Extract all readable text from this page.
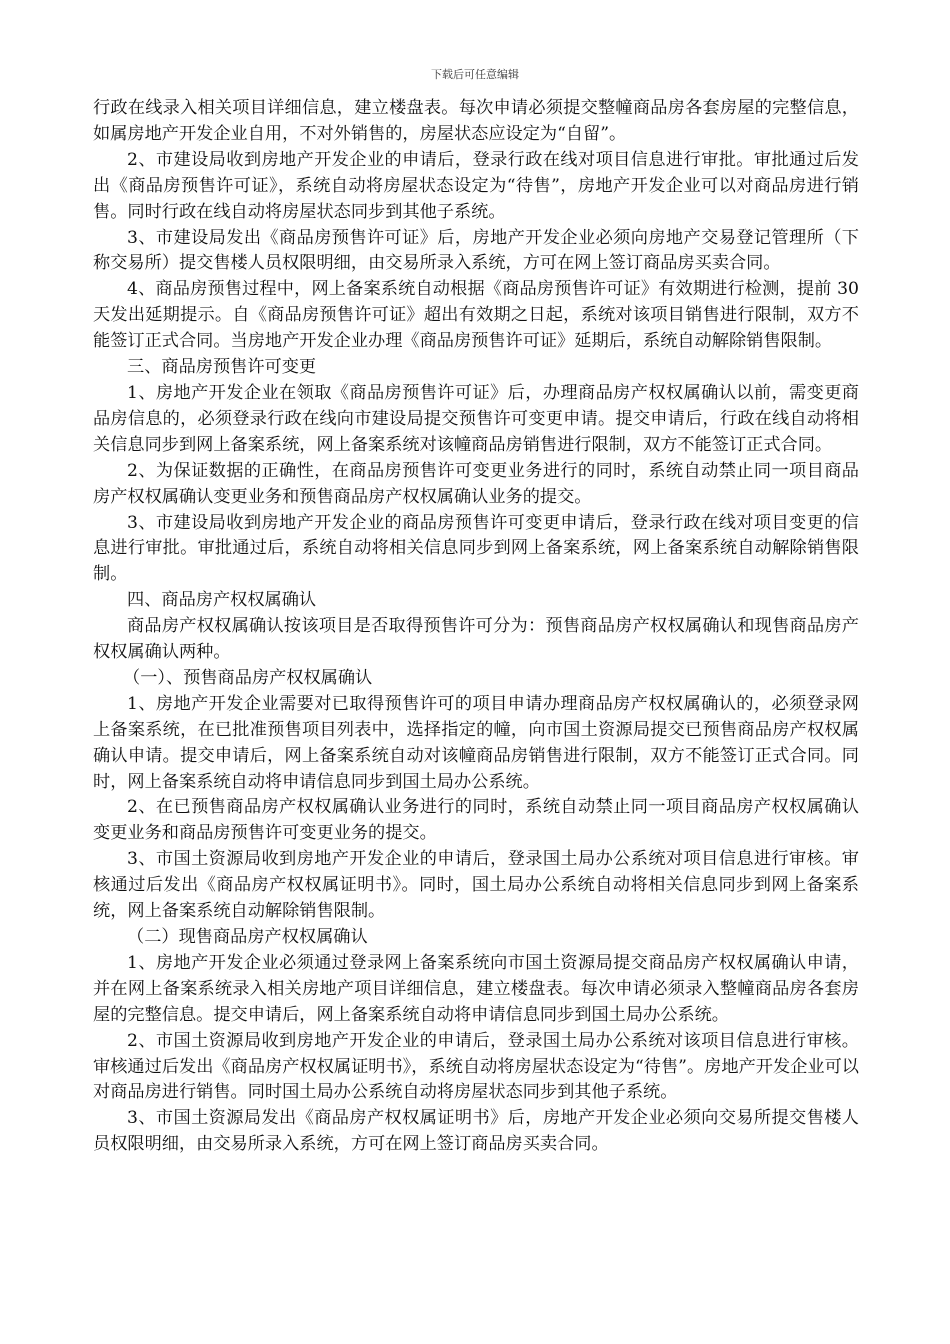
下载后可任意编辑

行政在线录入相关项目详细信息，建立楼盘表。每次申请必须提交整幢商品房各套房屋的完整信息，如属房地产开发企业自用，不对外销售的，房屋状态应设定为“自留”。

2、市建设局收到房地产开发企业的申请后，登录行政在线对项目信息进行审批。审批通过后发出《商品房预售许可证》，系统自动将房屋状态设定为“待售”，房地产开发企业可以对商品房进行销售。同时行政在线自动将房屋状态同步到其他子系统。

3、市建设局发出《商品房预售许可证》后，房地产开发企业必须向房地产交易登记管理所（下称交易所）提交售楼人员权限明细，由交易所录入系统，方可在网上签订商品房买卖合同。

4、商品房预售过程中，网上备案系统自动根据《商品房预售许可证》有效期进行检测，提前 30 天发出延期提示。自《商品房预售许可证》超出有效期之日起，系统对该项目销售进行限制，双方不能签订正式合同。当房地产开发企业办理《商品房预售许可证》延期后，系统自动解除销售限制。

三、商品房预售许可变更

1、房地产开发企业在领取《商品房预售许可证》后，办理商品房产权权属确认以前，需变更商品房信息的，必须登录行政在线向市建设局提交预售许可变更申请。提交申请后，行政在线自动将相关信息同步到网上备案系统，网上备案系统对该幢商品房销售进行限制，双方不能签订正式合同。

2、为保证数据的正确性，在商品房预售许可变更业务进行的同时，系统自动禁止同一项目商品房产权权属确认变更业务和预售商品房产权权属确认业务的提交。

3、市建设局收到房地产开发企业的商品房预售许可变更申请后，登录行政在线对项目变更的信息进行审批。审批通过后，系统自动将相关信息同步到网上备案系统，网上备案系统自动解除销售限制。

四、商品房产权权属确认

商品房产权权属确认按该项目是否取得预售许可分为：预售商品房产权权属确认和现售商品房产权权属确认两种。

（一）、预售商品房产权权属确认

1、房地产开发企业需要对已取得预售许可的项目申请办理商品房产权权属确认的，必须登录网上备案系统，在已批准预售项目列表中，选择指定的幢，向市国土资源局提交已预售商品房产权权属确认申请。提交申请后，网上备案系统自动对该幢商品房销售进行限制，双方不能签订正式合同。同时，网上备案系统自动将申请信息同步到国土局办公系统。

2、在已预售商品房产权权属确认业务进行的同时，系统自动禁止同一项目商品房产权权属确认变更业务和商品房预售许可变更业务的提交。

3、市国土资源局收到房地产开发企业的申请后，登录国土局办公系统对项目信息进行审核。审核通过后发出《商品房产权权属证明书》。同时，国土局办公系统自动将相关信息同步到网上备案系统，网上备案系统自动解除销售限制。

（二）现售商品房产权权属确认

1、房地产开发企业必须通过登录网上备案系统向市国土资源局提交商品房产权权属确认申请，并在网上备案系统录入相关房地产项目详细信息，建立楼盘表。每次申请必须录入整幢商品房各套房屋的完整信息。提交申请后，网上备案系统自动将申请信息同步到国土局办公系统。

2、市国土资源局收到房地产开发企业的申请后，登录国土局办公系统对该项目信息进行审核。审核通过后发出《商品房产权权属证明书》，系统自动将房屋状态设定为“待售”。房地产开发企业可以对商品房进行销售。同时国土局办公系统自动将房屋状态同步到其他子系统。

3、市国土资源局发出《商品房产权权属证明书》后，房地产开发企业必须向交易所提交售楼人员权限明细，由交易所录入系统，方可在网上签订商品房买卖合同。
